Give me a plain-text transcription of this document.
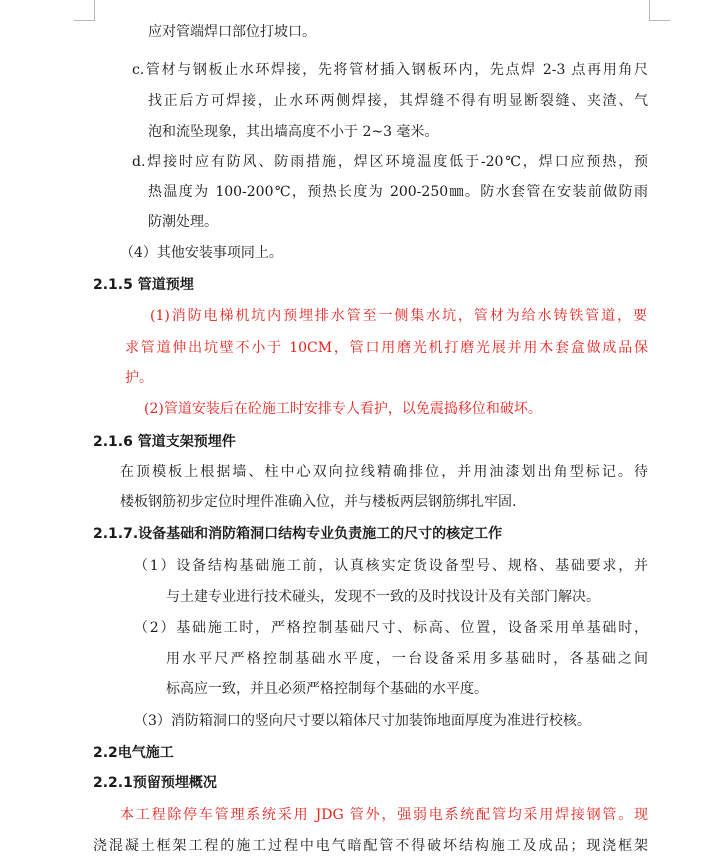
应对管端焊口部位打坡口。
c.管材与钢板止水环焊接，先将管材插入钢板环内，先点焊 2-3 点再用角尺
找正后方可焊接，止水环两侧焊接，其焊缝不得有明显断裂缝、夹渣、气
泡和流坠现象，其出墙高度不小于 2~3 毫米。
d.焊接时应有防风、防雨措施，焊区环境温度低于-20℃，焊口应预热，预
热温度为 100-200℃，预热长度为 200-250㎜。防水套管在安装前做防雨
防潮处理。
（4）其他安装事项同上。
2.1.5 管道预埋
(1)消防电梯机坑内预埋排水管至一侧集水坑，管材为给水铸铁管道，要
求管道伸出坑壁不小于 10CM，管口用磨光机打磨光展并用木套盒做成品保
护。
(2)管道安装后在砼施工时安排专人看护，以免震捣移位和破坏。
2.1.6 管道支架预埋件
在顶模板上根据墙、柱中心双向拉线精确排位，并用油漆划出角型标记。待
楼板钢筋初步定位时埋件准确入位，并与楼板两层钢筋绑扎牢固.
2.1.7.设备基础和消防箱洞口结构专业负责施工的尺寸的核定工作
（1）设备结构基础施工前，认真核实定货设备型号、规格、基础要求，并
与土建专业进行技术碰头，发现不一致的及时找设计及有关部门解决。
（2）基础施工时，严格控制基础尺寸、标高、位置，设备采用单基础时，
用水平尺严格控制基础水平度，一台设备采用多基础时，各基础之间
标高应一致，并且必须严格控制每个基础的水平度。
（3）消防箱洞口的竖向尺寸要以箱体尺寸加装饰地面厚度为准进行校核。
2.2电气施工
2.2.1预留预埋概况
本工程除停车管理系统采用 JDG 管外，强弱电系统配管均采用焊接钢管。现
浇混凝土框架工程的施工过程中电气暗配管不得破坏结构施工及成品；现浇框架
